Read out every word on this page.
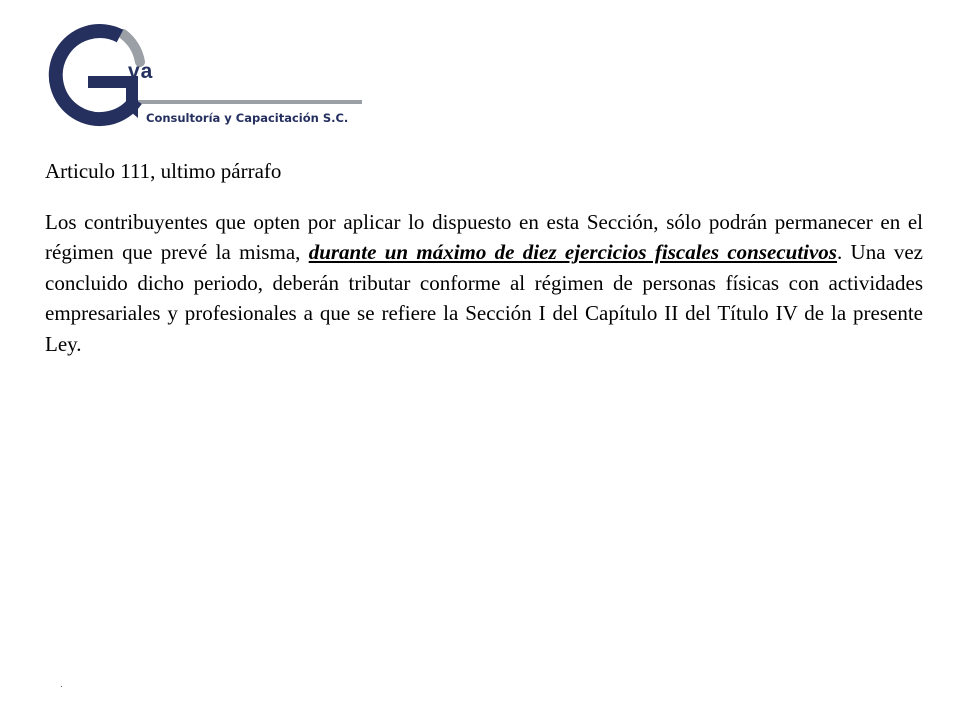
va
Consultoría y Capacitación S.C.

Articulo 111, ultimo párrafo

Los contribuyentes que opten por aplicar lo dispuesto en esta Sección, sólo podrán permanecer en el régimen que prevé la misma, durante un máximo de diez ejercicios fiscales consecutivos. Una vez concluido dicho periodo, deberán tributar conforme al régimen de personas físicas con actividades empresariales y profesionales a que se refiere la Sección I del Capítulo II del Título IV de la presente Ley.

.
